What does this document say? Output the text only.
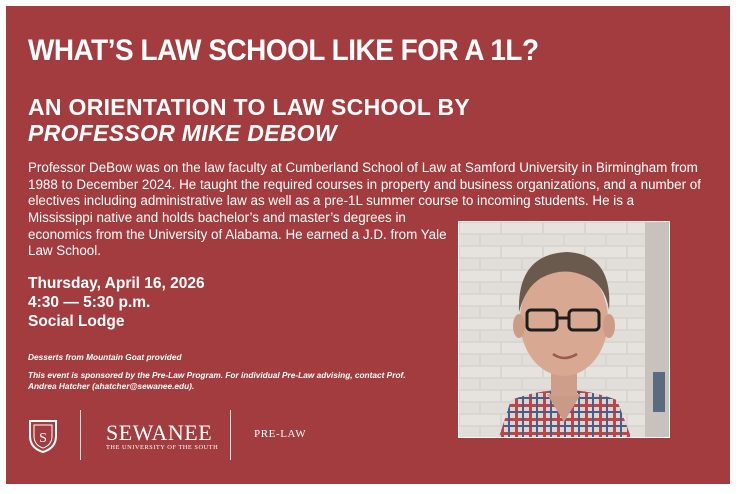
WHAT’S LAW SCHOOL LIKE FOR A 1L?
AN ORIENTATION TO LAW SCHOOL BY
PROFESSOR MIKE DEBOW
Professor DeBow was on the law faculty at Cumberland School of Law at Samford University in Birmingham from 1988 to December 2024. He taught the required courses in property and business organizations, and a number of electives including administrative law as well as a pre-1L summer course to incoming students. He is a
Mississippi native and holds bachelor’s and master’s degrees in economics from the University of Alabama. He earned a J.D. from Yale Law School.
Thursday, April 16, 2026
4:30 — 5:30 p.m.
Social Lodge
Desserts from Mountain Goat provided
This event is sponsored by the Pre-Law Program. For individual Pre-Law advising, contact Prof. Andrea Hatcher (ahatcher@sewanee.edu).
S	SEWANEE
THE UNIVERSITY OF THE SOUTH
PRE-LAW
